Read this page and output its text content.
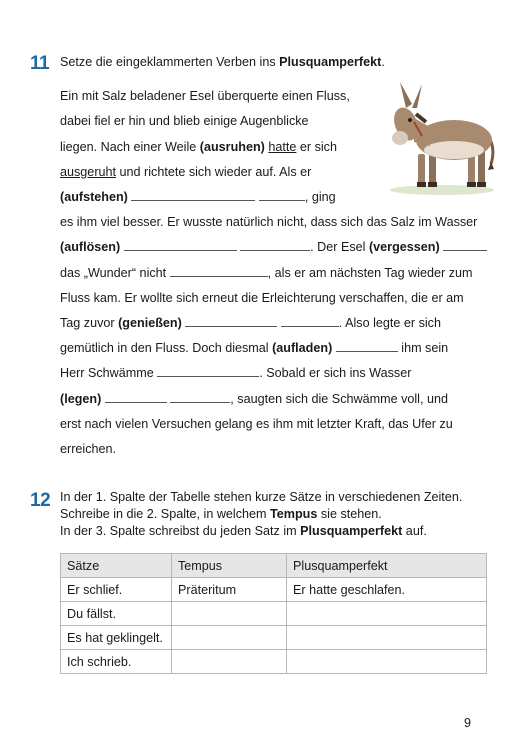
11 Setze die eingeklammerten Verben ins Plusquamperfekt.
Ein mit Salz beladener Esel überquerte einen Fluss,
dabei fiel er hin und blieb einige Augenblicke
liegen. Nach einer Weile (ausruhen) hatte er sich
ausgeruht und richtete sich wieder auf. Als er
(aufstehen)	, ging
es ihm viel besser. Er wusste natürlich nicht, dass sich das Salz im Wasser
(auflösen)	. Der Esel (vergessen)
das „Wunder“ nicht	, als er am nächsten Tag wieder zum
Fluss kam. Er wollte sich erneut die Erleichterung verschaffen, die er am
Tag zuvor (genießen)	. Also legte er sich
gemütlich in den Fluss. Doch diesmal (aufladen)	ihm sein
Herr Schwämme	. Sobald er sich ins Wasser
(legen)	, saugten sich die Schwämme voll, und
erst nach vielen Versuchen gelang es ihm mit letzter Kraft, das Ufer zu
erreichen.
12 In der 1. Spalte der Tabelle stehen kurze Sätze in verschiedenen Zeiten.
Schreibe in die 2. Spalte, in welchem Tempus sie stehen.
In der 3. Spalte schreibst du jeden Satz im Plusquamperfekt auf.
Sätze	Tempus	Plusquamperfekt
Er schlief.	Präteritum	Er hatte geschlafen.
Du fällst.		
Es hat geklingelt.		
Ich schrieb.		
9
